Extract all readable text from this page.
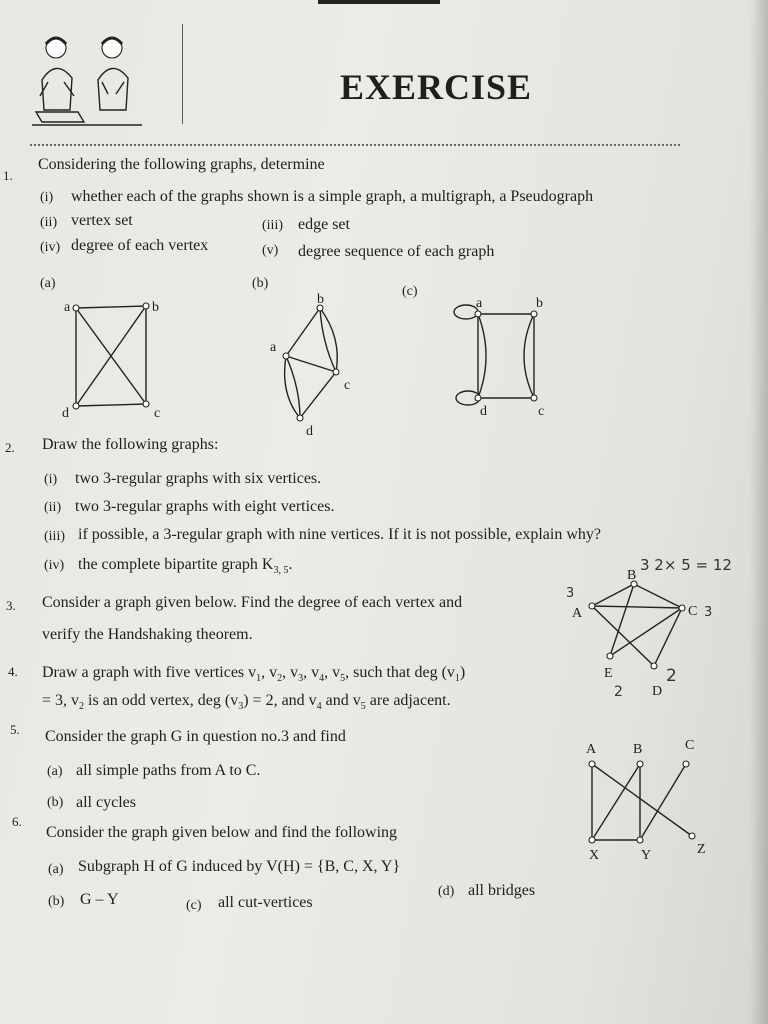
EXERCISE
1.
Considering the following graphs, determine
(i) whether each of the graphs shown is a simple graph, a multigraph, a Pseudograph
(ii) vertex set	(iii) edge set
(iv) degree of each vertex	(v) degree sequence of each graph
(a)
a	b
d	c
(b)
b
a
c
d
(c)
a	b
d	c
2. Draw the following graphs:
(i) two 3-regular graphs with six vertices.
(ii) two 3-regular graphs with eight vertices.
(iii) if possible, a 3-regular graph with nine vertices. If it is not possible, explain why?
(iv) the complete bipartite graph $K_{3, 5}$.
3. Consider a graph given below. Find the degree of each vertex and
verify the Handshaking theorem.
B
A	C
E
D
3 2× 5 = 12
3
3
2
2
4. Draw a graph with five vertices $v_1$, $v_2$, $v_3$, $v_4$, $v_5$, such that deg $(v_1)$
= 3, $v_2$ is an odd vertex, deg $(v_3) = 2$, and $v_4$ and $v_5$ are adjacent.
5. Consider the graph G in question no.3 and find
(a) all simple paths from A to C.
(b) all cycles
6.
Consider the graph given below and find the following
(a) Subgraph H of G induced by V(H) = {B, C, X, Y}
(b) G – Y	(c) all cut-vertices
(d) all bridges
A	B	C
X	Y	Z
